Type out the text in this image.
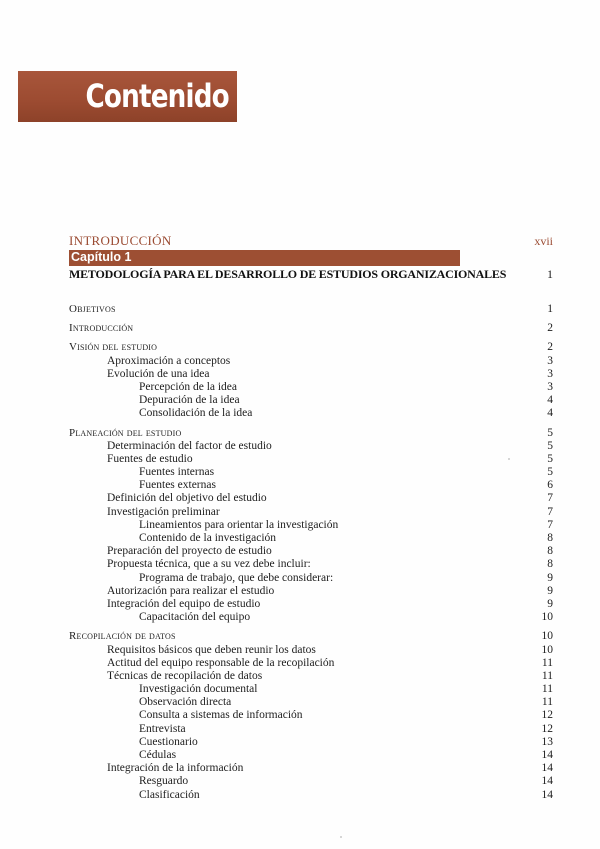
Contenido
INTRODUCCIÓN	xvii
Capítulo 1
METODOLOGÍA PARA EL DESARROLLO DE ESTUDIOS ORGANIZACIONALES	1
Objetivos	1
Introducción	2
Visión del estudio	2
Aproximación a conceptos	3
Evolución de una idea	3
Percepción de la idea	3
Depuración de la idea	4
Consolidación de la idea	4
Planeación del estudio	5
Determinación del factor de estudio	5
Fuentes de estudio	5
Fuentes internas	5
Fuentes externas	6
Definición del objetivo del estudio	7
Investigación preliminar	7
Lineamientos para orientar la investigación	7
Contenido de la investigación	8
Preparación del proyecto de estudio	8
Propuesta técnica, que a su vez debe incluir:	8
Programa de trabajo, que debe considerar:	9
Autorización para realizar el estudio	9
Integración del equipo de estudio	9
Capacitación del equipo	10
Recopilación de datos	10
Requisitos básicos que deben reunir los datos	10
Actitud del equipo responsable de la recopilación	11
Técnicas de recopilación de datos	11
Investigación documental	11
Observación directa	11
Consulta a sistemas de información	12
Entrevista	12
Cuestionario	13
Cédulas	14
Integración de la información	14
Resguardo	14
Clasificación	14
